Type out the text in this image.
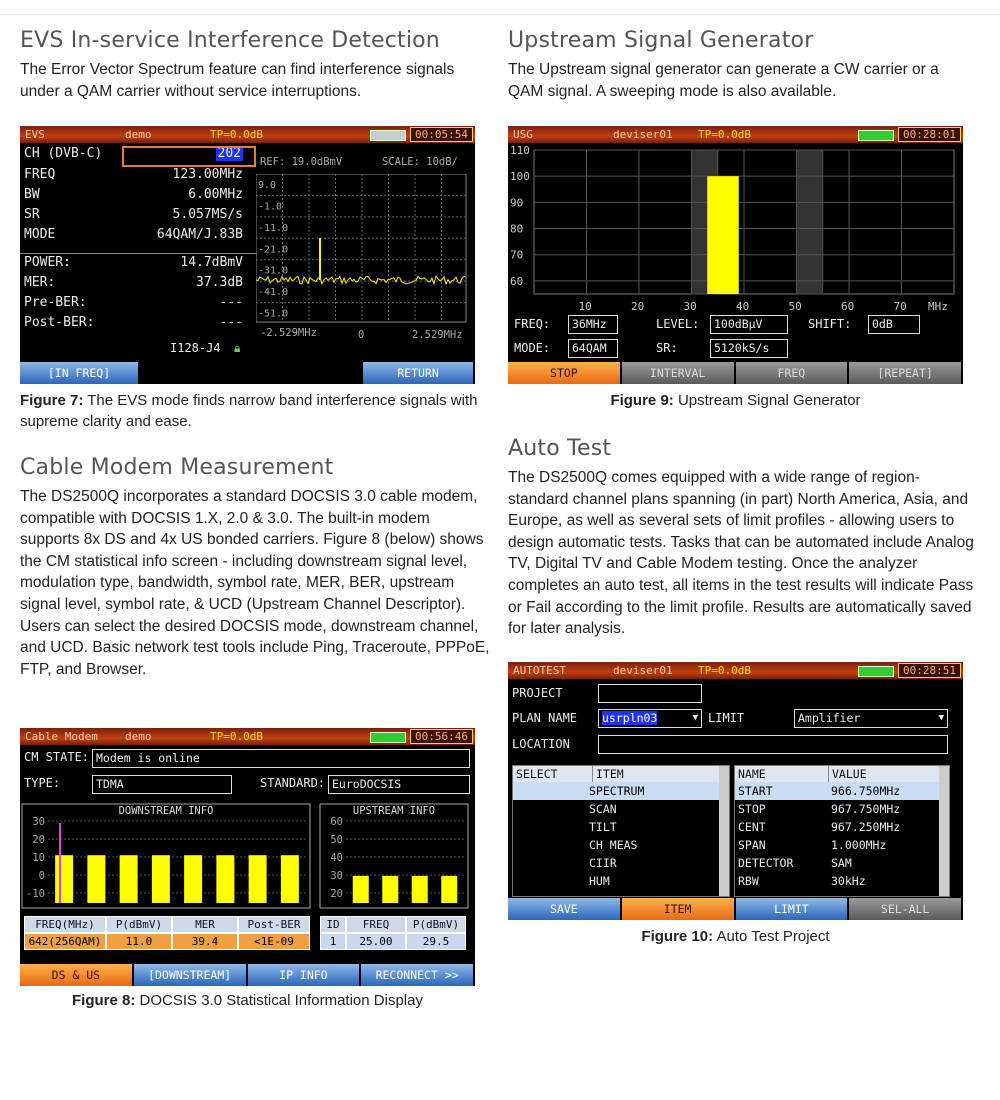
EVS In-service Interference Detection

The Error Vector Spectrum feature can find interference signals under a QAM carrier without service interruptions.

EVS	demo	TP=0.0dB	00:05:54
CH (DVB-C)	202
FREQ	123.00MHz
BW	6.00MHz
SR	5.057MS/s
MODE	64QAM/J.83B
POWER:	14.7dBmV
MER:	37.3dB
Pre-BER:	---
Post-BER:	---
I128-J4 🔒︎
REF: 19.0dBmV	SCALE: 10dB/
9.0
-1.0
-11.0
-21.0
-31.0
-41.0
-51.0
-2.529MHz	0	2.529MHz
[IN FREQ]	RETURN
Figure 7: The EVS mode finds narrow band interference signals with supreme clarity and ease.
Cable Modem Measurement

The DS2500Q incorporates a standard DOCSIS 3.0 cable modem, compatible with DOCSIS 1.X, 2.0 & 3.0. The built-in modem supports 8x DS and 4x US bonded carriers. Figure 8 (below) shows the CM statistical info screen - including downstream signal level, modulation type, bandwidth, symbol rate, MER, BER, upstream signal level, symbol rate, & UCD (Upstream Channel Descriptor). Users can select the desired DOCSIS mode, downstream channel, and UCD. Basic network test tools include Ping, Traceroute, PPPoE, FTP, and Browser.

Cable Modem demo	TP=0.0dB	00:56:46
CM STATE: Modem is online
TYPE:	TDMA	STANDARD: EuroDOCSIS
DOWNSTREAM INFO
30
20
10
0
-10
UPSTREAM INFO
60
50
40
30
20
FREQ(MHz)	P(dBmV)	MER	Post-BER
642(256QAM)	11.0	39.4	<1E-09
ID	FREQ	P(dBmV)
1	25.00	29.5
DS & US	[DOWNSTREAM]	IP INFO	RECONNECT >>
Figure 8: DOCSIS 3.0 Statistical Information Display
Upstream Signal Generator

The Upstream signal generator can generate a CW carrier or a QAM signal. A sweeping mode is also available.

USG	deviser01 TP=0.0dB	00:28:01
110
100
90
80
70
60
10	20	30	40	50	60	70 MHz
FREQ:	36MHz	LEVEL:	100dBµV	SHIFT:	0dB
MODE:	64QAM	SR:	5120kS/s
STOP	INTERVAL	FREQ	[REPEAT]
Figure 9: Upstream Signal Generator
Auto Test

The DS2500Q comes equipped with a wide range of region-standard channel plans spanning (in part) North America, Asia, and Europe, as well as several sets of limit profiles - allowing users to design automatic tests. Tasks that can be automated include Analog TV, Digital TV and Cable Modem testing. Once the analyzer completes an auto test, all items in the test results will indicate Pass or Fail according to the limit profile. Results are automatically saved for later analysis.

AUTOTEST	deviser01 TP=0.0dB	00:28:51
PROJECT
PLAN NAME	usrpln03	▼ LIMIT	Amplifier	▼
LOCATION
SELECT	ITEM
SPECTRUM
SCAN
TILT
CH MEAS
CIIR
HUM
NAME	VALUE
START	966.750MHz
STOP	967.750MHz
CENT	967.250MHz
SPAN	1.000MHz
DETECTOR	SAM
RBW	30kHz
SAVE	ITEM	LIMIT	SEL-ALL
Figure 10: Auto Test Project
